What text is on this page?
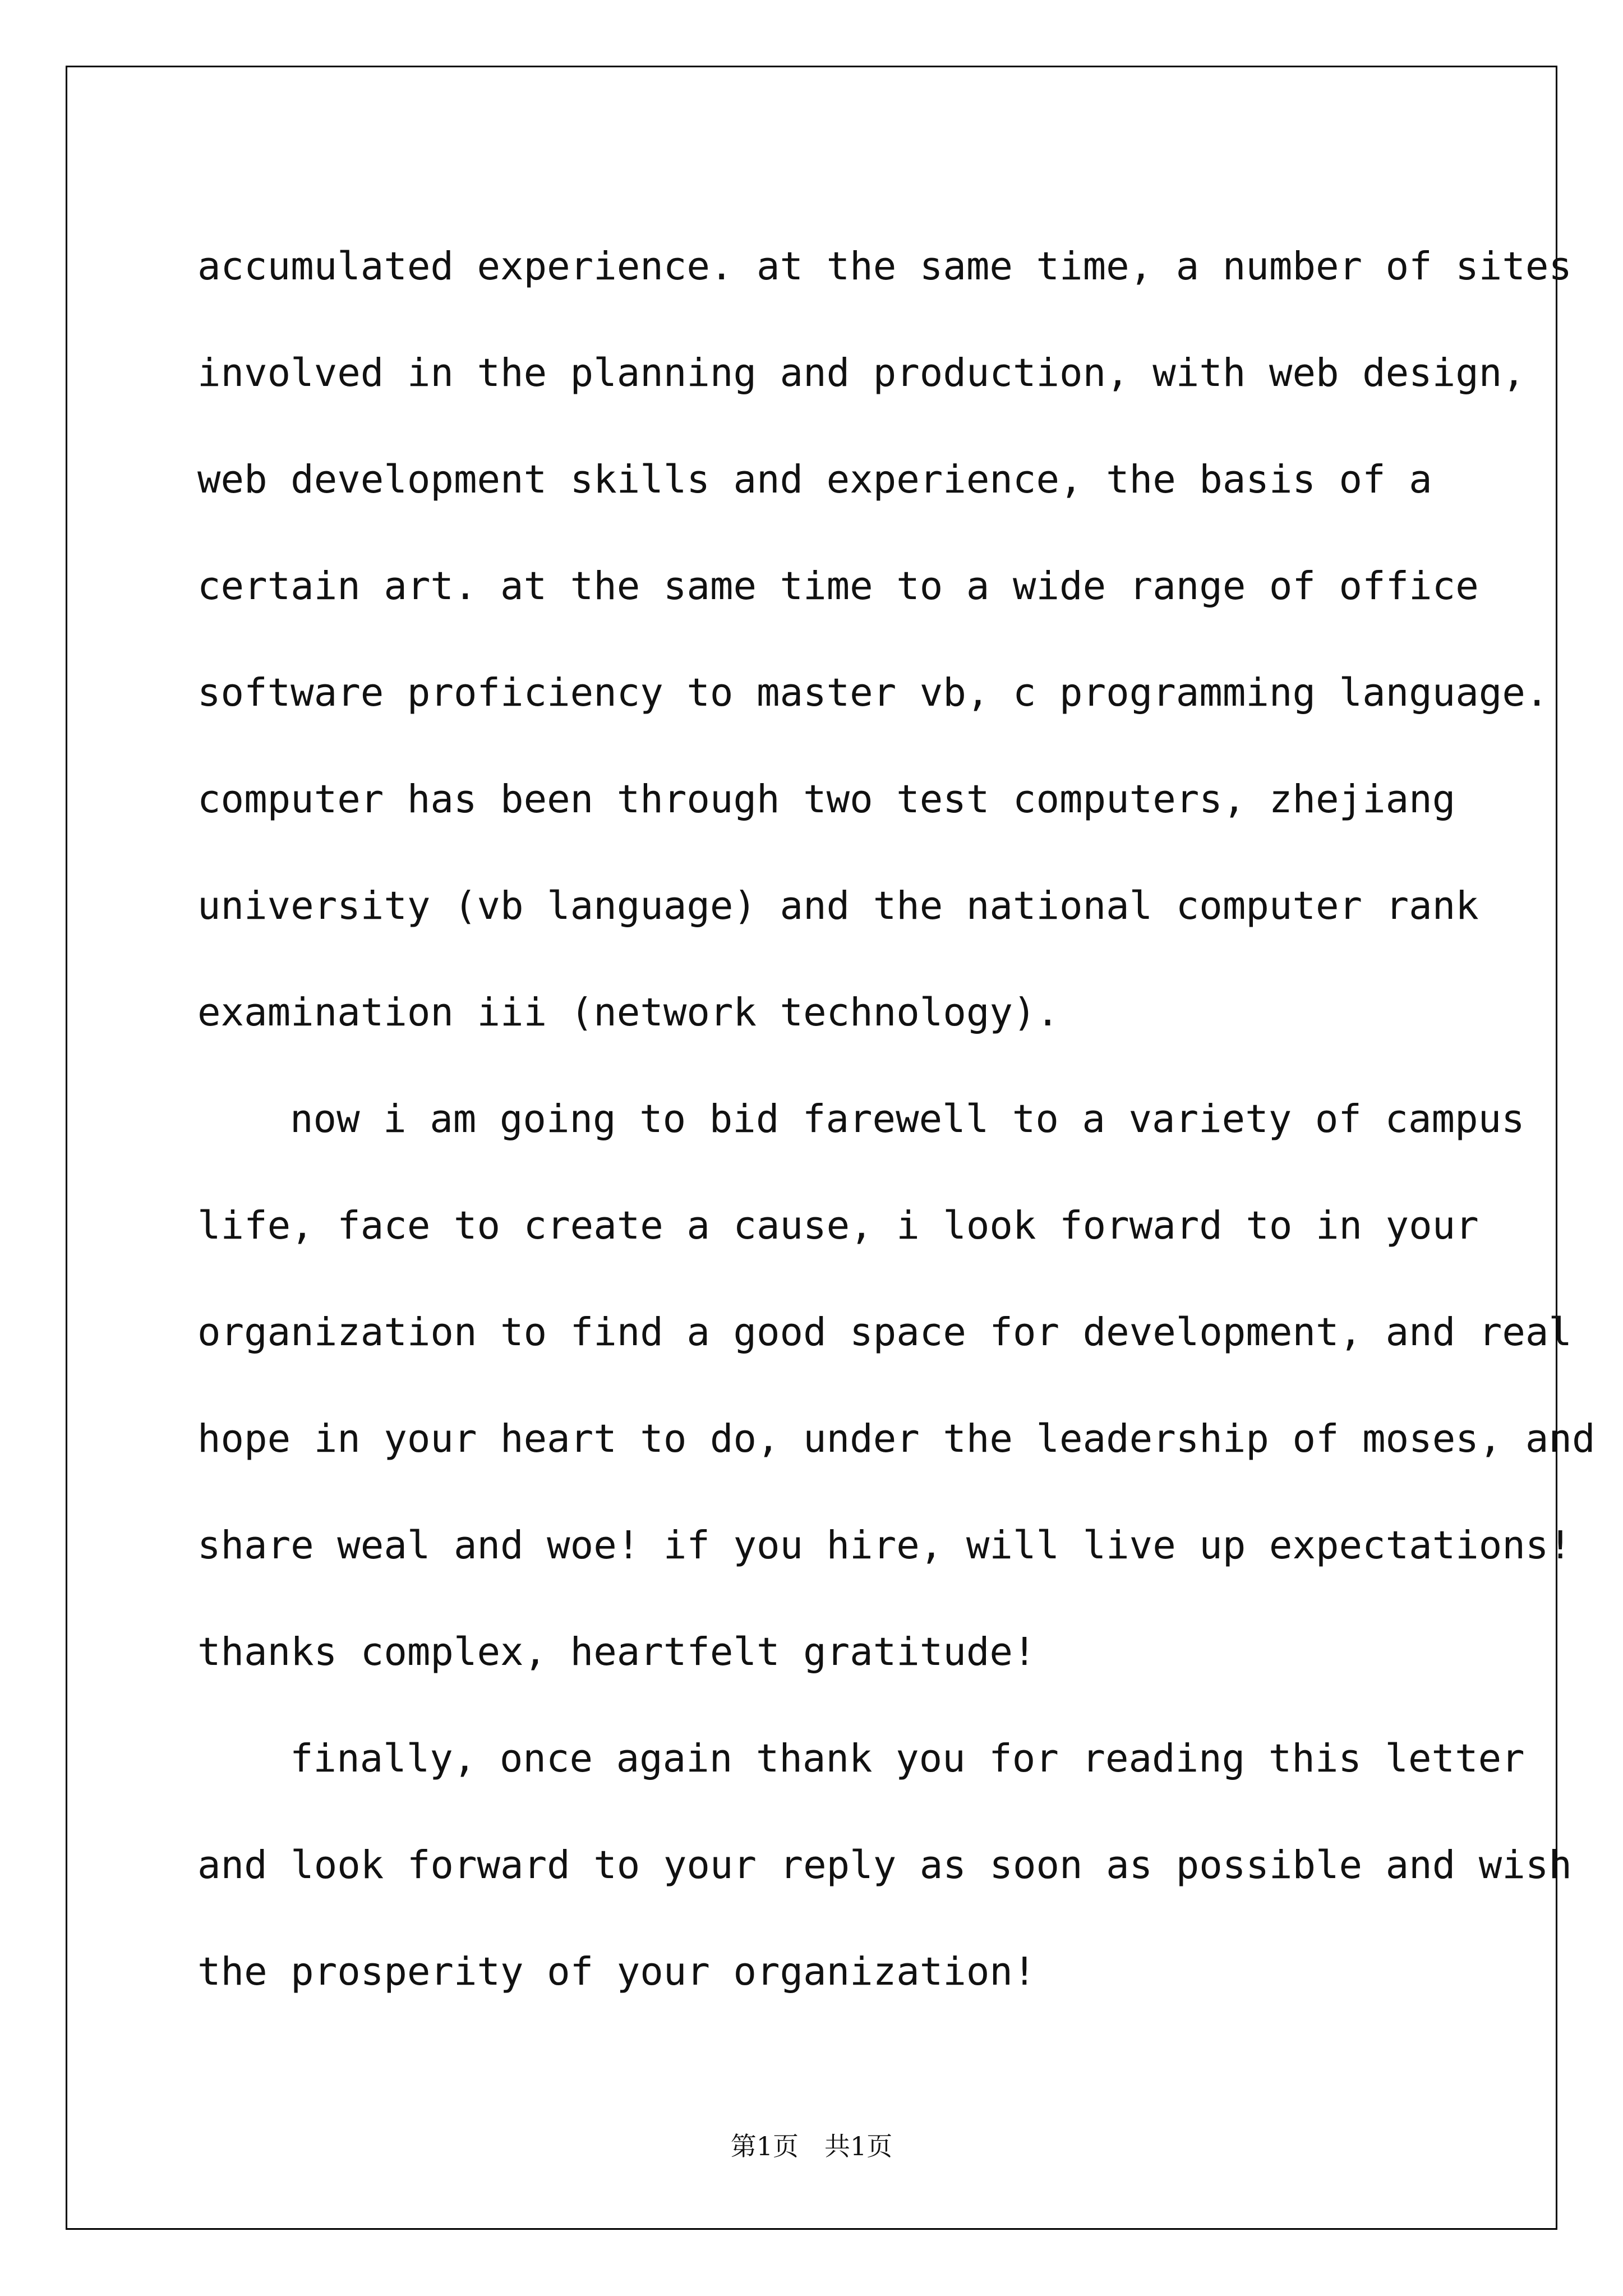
accumulated experience. at the same time, a number of sites
involved in the planning and production, with web design,
web development skills and experience, the basis of a
certain art. at the same time to a wide range of office
software proficiency to master vb, c programming language.
computer has been through two test computers, zhejiang
university (vb language) and the national computer rank
examination iii (network technology).
now i am going to bid farewell to a variety of campus
life, face to create a cause, i look forward to in your
organization to find a good space for development, and real
hope in your heart to do, under the leadership of moses, and
share weal and woe! if you hire, will live up expectations!
thanks complex, heartfelt gratitude!
finally, once again thank you for reading this letter
and look forward to your reply as soon as possible and wish
the prosperity of your organization!
第1页　共1页
